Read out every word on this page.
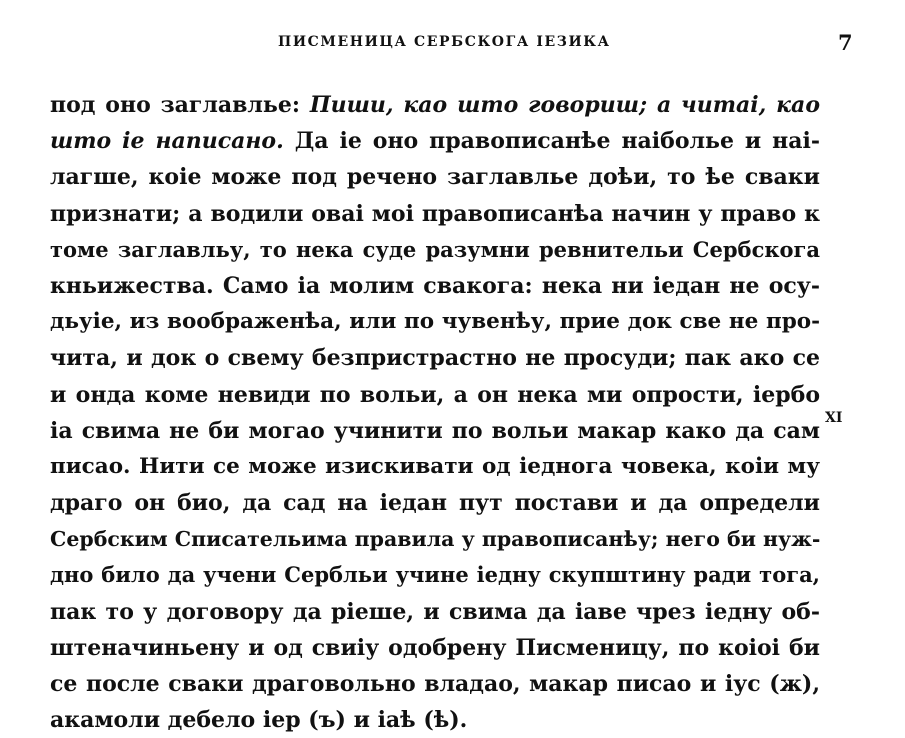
ПИСМЕНИЦА СЕРБСКОГА ІЕЗИКА	7
под оно заглавлье: Пиши, као што говориш; а читаі, као
што іе написано. Да іе оно правописанѣе наіболье и наі-
лагше, коіе може под речено заглавлье доѣи, то ѣе сваки
признати; а водили оваі моі правописанѣа начин у право к
томе заглавльу, то нека суде разумни ревнительи Сербскога
кньижества. Само іа молим свакога: нека ни іедан не осу-
дьуіе, из воображенѣа, или по чувенѣу, прие док све не про-
чита, и док о свему безпристрастно не просуди; пак ако се
и онда коме невиди по вольи, а он нека ми опрости, іербо
іа свима не би могао учинити по вольи макар како да сам
писао. Нити се може изискивати од іеднога човека, коіи му
драго он био, да сад на іедан пут постави и да определи
Сербским Списательима правила у правописанѣу; него би нуж-
дно било да учени Сербльи учине іедну скупштину ради тога,
пак то у договору да ріеше, и свима да іаве чрез іедну об-
штеначиньену и од свиіу одобрену Писменицу, по коіоі би
се после сваки драговольно владао, макар писао и іус (ж),
акамоли дебело іер (ъ) и іаѣ (ѣ).
XI
